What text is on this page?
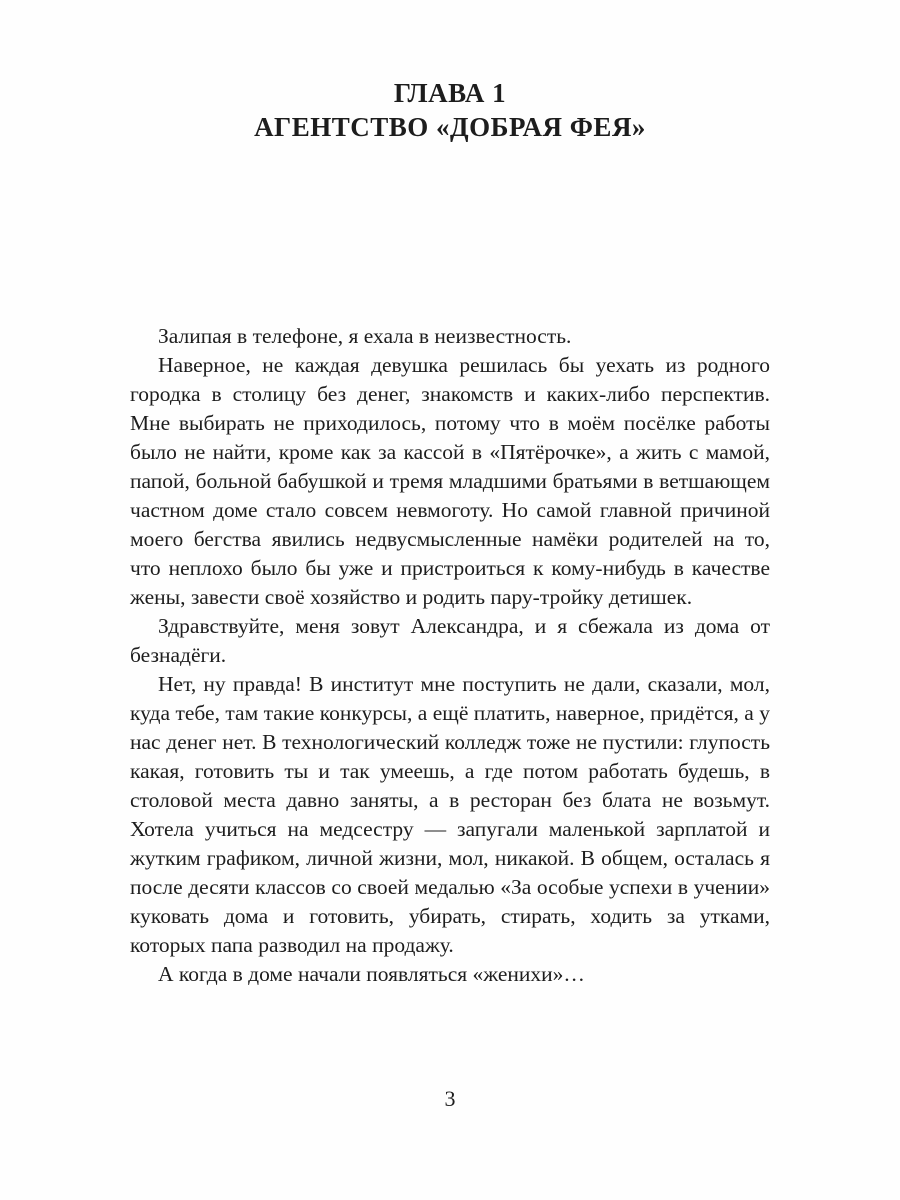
ГЛАВА 1
АГЕНТСТВО «ДОБРАЯ ФЕЯ»

Залипая в телефоне, я ехала в неизвестность.

Наверное, не каждая девушка решилась бы уехать из родного городка в столицу без денег, знакомств и каких-либо перспектив. Мне выбирать не приходилось, потому что в моём посёлке работы было не найти, кроме как за кассой в «Пятёрочке», а жить с мамой, папой, больной бабушкой и тремя младшими братьями в ветшающем частном доме стало совсем невмоготу. Но самой главной причиной моего бегства явились недвусмысленные намёки родителей на то, что неплохо было бы уже и пристроиться к кому-нибудь в качестве жены, завести своё хозяйство и родить пару-тройку детишек.

Здравствуйте, меня зовут Александра, и я сбежала из дома от безнадёги.

Нет, ну правда! В институт мне поступить не дали, сказали, мол, куда тебе, там такие конкурсы, а ещё платить, наверное, придётся, а у нас денег нет. В технологический колледж тоже не пустили: глупость какая, готовить ты и так умеешь, а где потом работать будешь, в столовой места давно заняты, а в ресторан без блата не возьмут. Хотела учиться на медсестру — запугали маленькой зарплатой и жутким графиком, личной жизни, мол, никакой. В общем, осталась я после десяти классов со своей медалью «За особые успехи в учении» куковать дома и готовить, убирать, стирать, ходить за утками, которых папа разводил на продажу.

А когда в доме начали появляться «женихи»…

3
